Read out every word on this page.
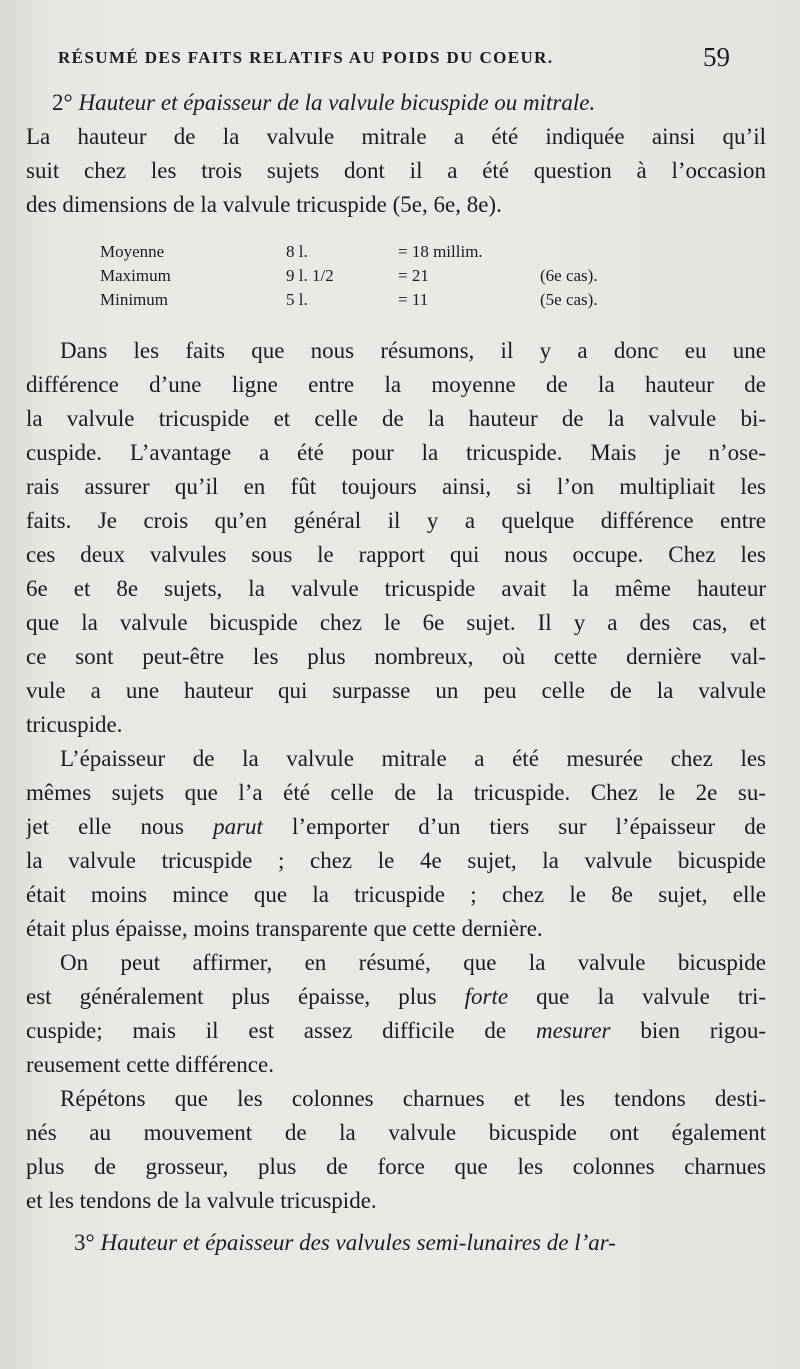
RÉSUMÉ DES FAITS RELATIFS AU POIDS DU COEUR.	59
2° Hauteur et épaisseur de la valvule bicuspide ou mitrale.
La hauteur de la valvule mitrale a été indiquée ainsi qu’il
suit chez les trois sujets dont il a été question à l’occasion
des dimensions de la valvule tricuspide (5e, 6e, 8e).
Moyenne	8 l.	= 18 millim.
Maximum	9 l. 1/2	= 21	(6e cas).
Minimum	5 l.	= 11	(5e cas).
Dans les faits que nous résumons, il y a donc eu une
différence d’une ligne entre la moyenne de la hauteur de
la valvule tricuspide et celle de la hauteur de la valvule bi-
cuspide. L’avantage a été pour la tricuspide. Mais je n’ose-
rais assurer qu’il en fût toujours ainsi, si l’on multipliait les
faits. Je crois qu’en général il y a quelque différence entre
ces deux valvules sous le rapport qui nous occupe. Chez les
6e et 8e sujets, la valvule tricuspide avait la même hauteur
que la valvule bicuspide chez le 6e sujet. Il y a des cas, et
ce sont peut-être les plus nombreux, où cette dernière val-
vule a une hauteur qui surpasse un peu celle de la valvule
tricuspide.
L’épaisseur de la valvule mitrale a été mesurée chez les
mêmes sujets que l’a été celle de la tricuspide. Chez le 2e su-
jet elle nous parut l’emporter d’un tiers sur l’épaisseur de
la valvule tricuspide ; chez le 4e sujet, la valvule bicuspide
était moins mince que la tricuspide ; chez le 8e sujet, elle
était plus épaisse, moins transparente que cette dernière.
On peut affirmer, en résumé, que la valvule bicuspide
est généralement plus épaisse, plus forte que la valvule tri-
cuspide; mais il est assez difficile de mesurer bien rigou-
reusement cette différence.
Répétons que les colonnes charnues et les tendons desti-
nés au mouvement de la valvule bicuspide ont également
plus de grosseur, plus de force que les colonnes charnues
et les tendons de la valvule tricuspide.
3° Hauteur et épaisseur des valvules semi-lunaires de l’ar-
